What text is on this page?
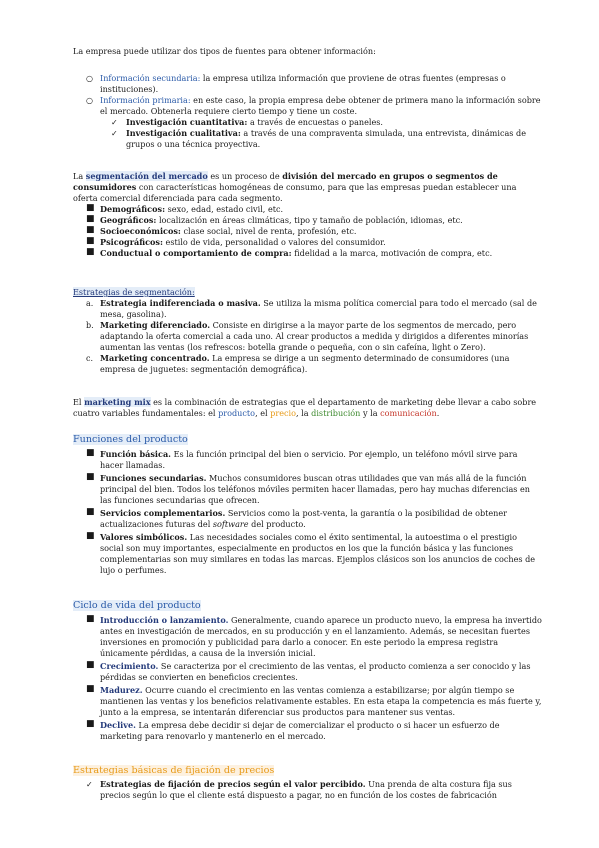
La empresa puede utilizar dos tipos de fuentes para obtener información:

○ Información secundaria: la empresa utiliza información que proviene de otras fuentes (empresas o instituciones).
○ Información primaria: en este caso, la propia empresa debe obtener de primera mano la información sobre el mercado. Obtenerla requiere cierto tiempo y tiene un coste.
✓ Investigación cuantitativa: a través de encuestas o paneles.
✓ Investigación cualitativa: a través de una compraventa simulada, una entrevista, dinámicas de grupos o una técnica proyectiva.

La segmentación del mercado es un proceso de división del mercado en grupos o segmentos de consumidores con características homogéneas de consumo, para que las empresas puedan establecer una oferta comercial diferenciada para cada segmento.

■ Demográficos: sexo, edad, estado civil, etc.
■ Geográficos: localización en áreas climáticas, tipo y tamaño de población, idiomas, etc.
■ Socioeconómicos: clase social, nivel de renta, profesión, etc.
■ Psicográficos: estilo de vida, personalidad o valores del consumidor.
■ Conductual o comportamiento de compra: fidelidad a la marca, motivación de compra, etc.

Estrategias de segmentación:

a. Estrategia indiferenciada o masiva. Se utiliza la misma política comercial para todo el mercado (sal de mesa, gasolina).
b. Marketing diferenciado. Consiste en dirigirse a la mayor parte de los segmentos de mercado, pero adaptando la oferta comercial a cada uno. Al crear productos a medida y dirigidos a diferentes minorías aumentan las ventas (los refrescos: botella grande o pequeña, con o sin cafeína, light o Zero).
c. Marketing concentrado. La empresa se dirige a un segmento determinado de consumidores (una empresa de juguetes: segmentación demográfica).

El marketing mix es la combinación de estrategias que el departamento de marketing debe llevar a cabo sobre cuatro variables fundamentales: el producto, el precio, la distribución y la comunicación.

Funciones del producto

■ Función básica. Es la función principal del bien o servicio. Por ejemplo, un teléfono móvil sirve para hacer llamadas.
■ Funciones secundarias. Muchos consumidores buscan otras utilidades que van más allá de la función principal del bien. Todos los teléfonos móviles permiten hacer llamadas, pero hay muchas diferencias en las funciones secundarias que ofrecen.
■ Servicios complementarios. Servicios como la post-venta, la garantía o la posibilidad de obtener actualizaciones futuras del software del producto.
■ Valores simbólicos. Las necesidades sociales como el éxito sentimental, la autoestima o el prestigio social son muy importantes, especialmente en productos en los que la función básica y las funciones complementarias son muy similares en todas las marcas. Ejemplos clásicos son los anuncios de coches de lujo o perfumes.

Ciclo de vida del producto

■ Introducción o lanzamiento. Generalmente, cuando aparece un producto nuevo, la empresa ha invertido antes en investigación de mercados, en su producción y en el lanzamiento. Además, se necesitan fuertes inversiones en promoción y publicidad para darlo a conocer. En este periodo la empresa registra únicamente pérdidas, a causa de la inversión inicial.
■ Crecimiento. Se caracteriza por el crecimiento de las ventas, el producto comienza a ser conocido y las pérdidas se convierten en beneficios crecientes.
■ Madurez. Ocurre cuando el crecimiento en las ventas comienza a estabilizarse; por algún tiempo se mantienen las ventas y los beneficios relativamente estables. En esta etapa la competencia es más fuerte y, junto a la empresa, se intentarán diferenciar sus productos para mantener sus ventas.
■ Declive. La empresa debe decidir si dejar de comercializar el producto o si hacer un esfuerzo de marketing para renovarlo y mantenerlo en el mercado.

Estrategias básicas de fijación de precios

✓ Estrategias de fijación de precios según el valor percibido. Una prenda de alta costura fija sus precios según lo que el cliente está dispuesto a pagar, no en función de los costes de fabricación
